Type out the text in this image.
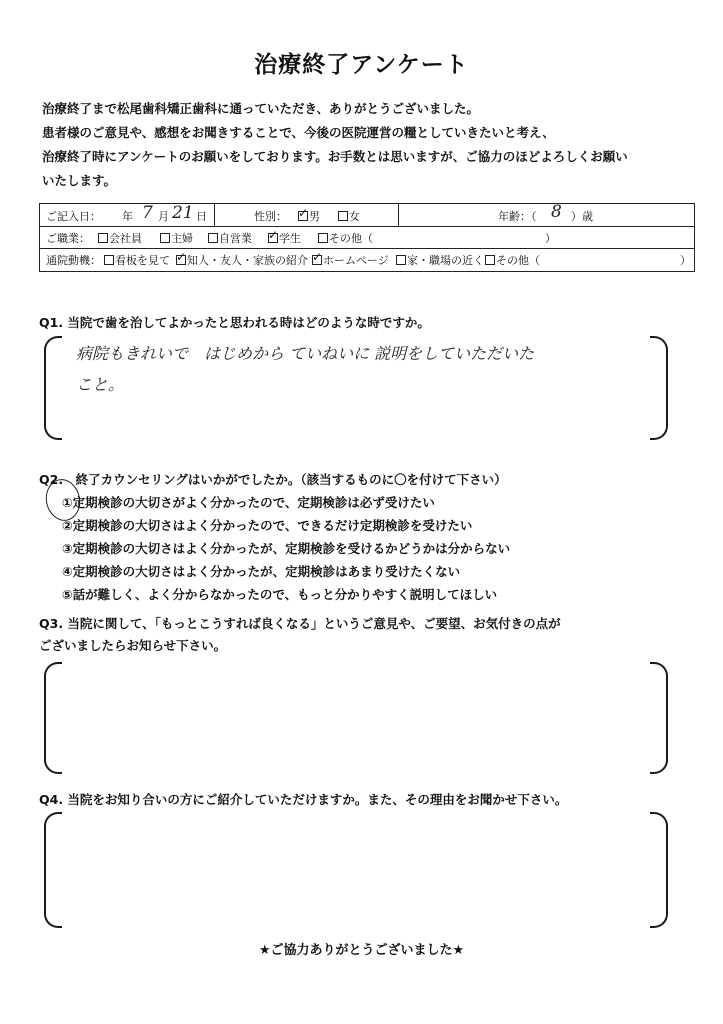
治療終了アンケート
治療終了まで松尾歯科矯正歯科に通っていただき、ありがとうございました。
患者様のご意見や、感想をお聞きすることで、今後の医院運営の糧としていきたいと考え、
治療終了時にアンケートのお願いをしております。お手数とは思いますが、ご協力のほどよろしくお願い
いたします。
ご記入日： 年 7 月 21 日	性別： ✓	男	女	年齢：（ 8 ）歳
ご職業：	会社員	主婦	自営業 ✓	学生	その他（	）
通院動機：	看板を見て ✓	知人・友人・家族の紹介 ✓	ホームページ	家・職場の近く	その他（	）
Q1. 当院で歯を治してよかったと思われる時はどのような時ですか。
病院もきれいで　はじめから ていねいに 説明をしていただいた
こと。
Q2.　終了カウンセリングはいかがでしたか。（該当するものに〇を付けて下さい）
①定期検診の大切さがよく分かったので、定期検診は必ず受けたい
②定期検診の大切さはよく分かったので、できるだけ定期検診を受けたい
③定期検診の大切さはよく分かったが、定期検診を受けるかどうかは分からない
④定期検診の大切さはよく分かったが、定期検診はあまり受けたくない
⑤話が難しく、よく分からなかったので、もっと分かりやすく説明してほしい
Q3. 当院に関して、「もっとこうすれば良くなる」というご意見や、ご要望、お気付きの点が
ございましたらお知らせ下さい。
Q4. 当院をお知り合いの方にご紹介していただけますか。また、その理由をお聞かせ下さい。
★ご協力ありがとうございました★
